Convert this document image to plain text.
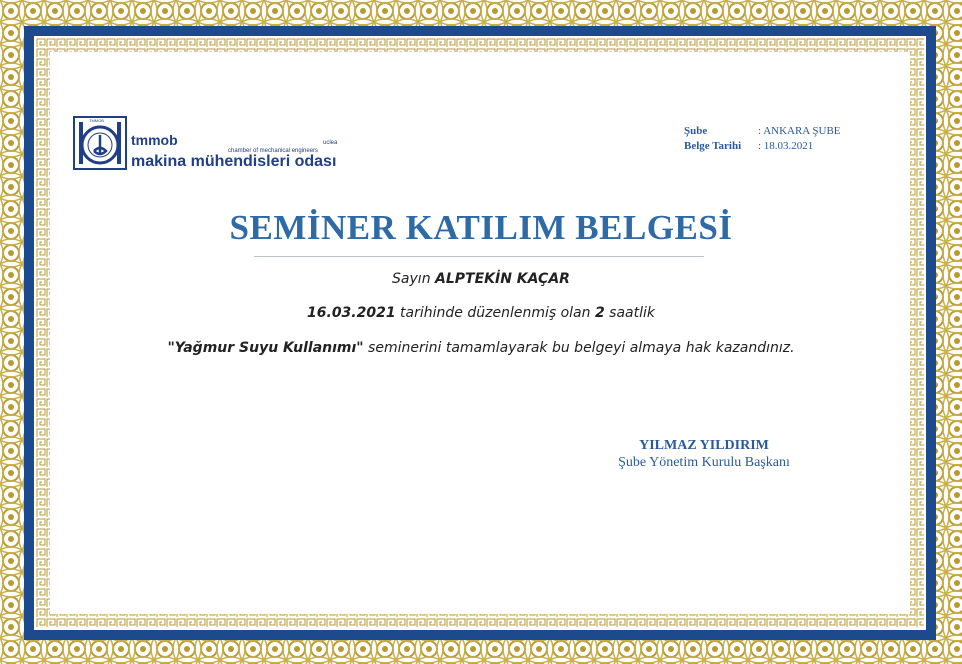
TMMOB
tmmob	uclea
chamber of mechanical engineers
makina mühendisleri odası
Şube	: ANKARA ŞUBE
Belge Tarihi : 18.03.2021
SEMİNER KATILIM BELGESİ
Sayın ALPTEKİN KAÇAR
16.03.2021 tarihinde düzenlenmiş olan 2 saatlik
"Yağmur Suyu Kullanımı" seminerini tamamlayarak bu belgeyi almaya hak kazandınız.
YILMAZ YILDIRIM
Şube Yönetim Kurulu Başkanı
